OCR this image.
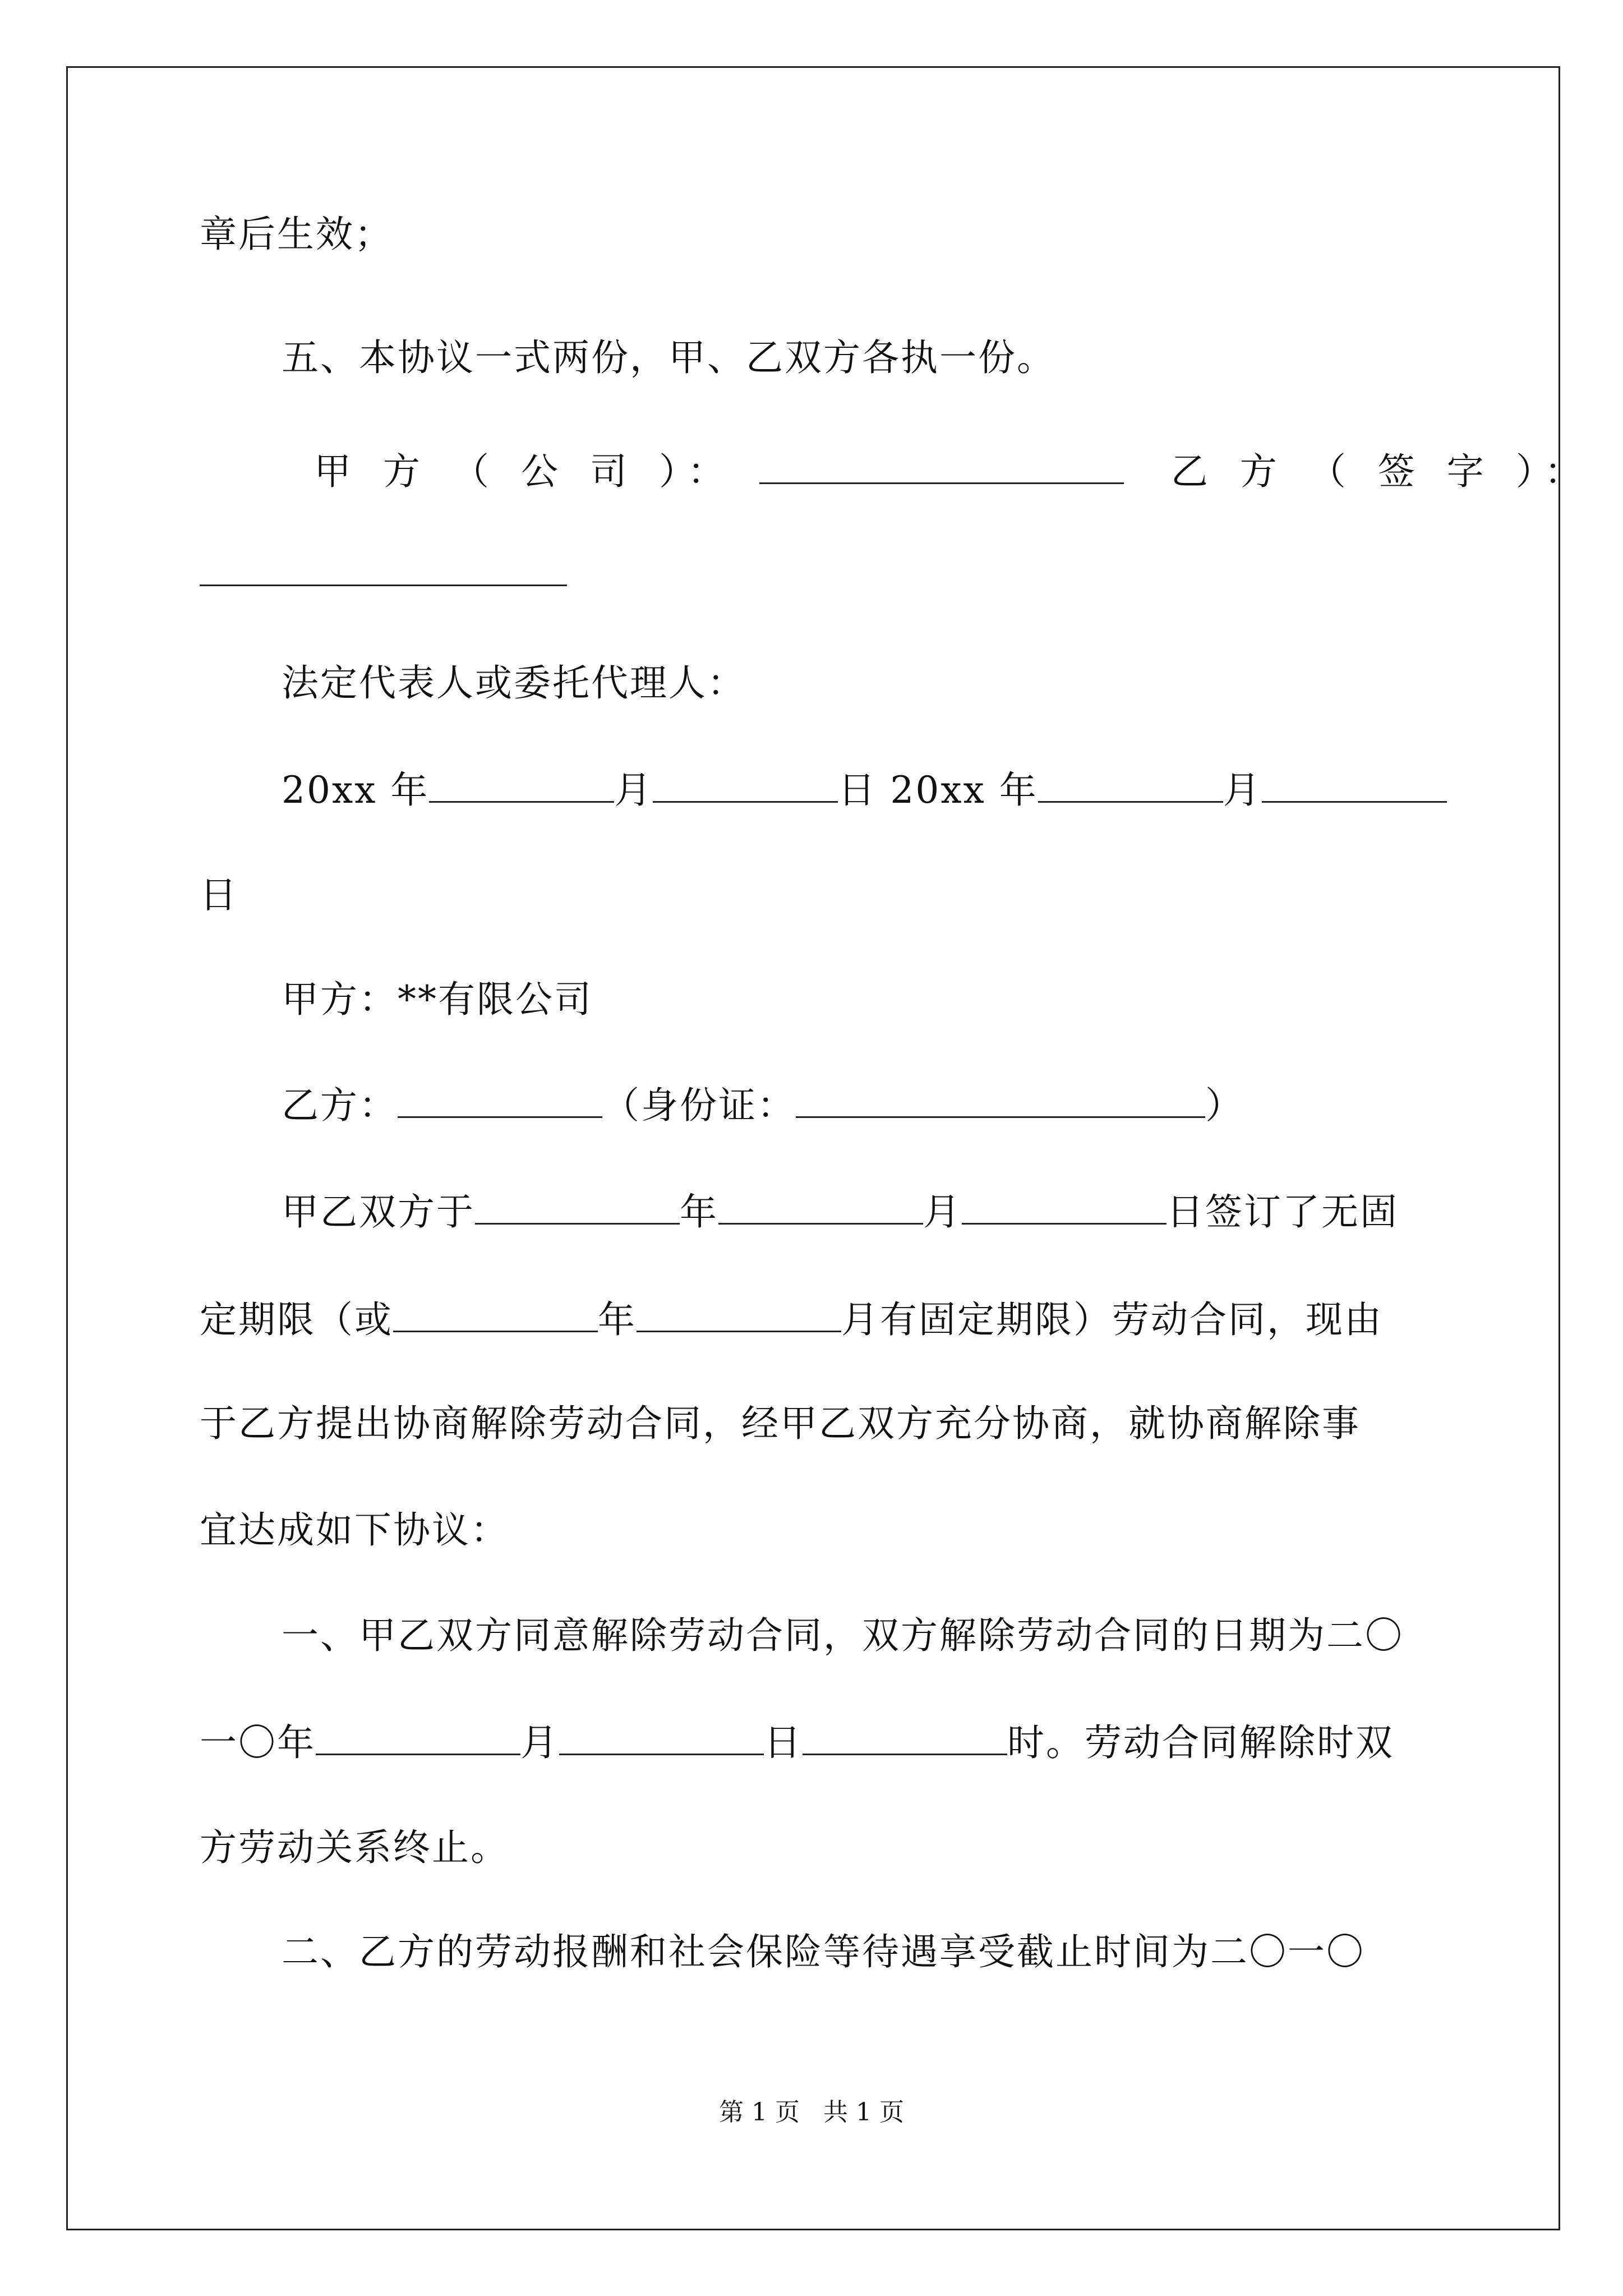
章后生效；
五、本协议一式两份，甲、乙双方各执一份。
甲 方 （ 公 司 ）：	乙 方 （ 签 字 ）：
法定代表人或委托代理人：
20xx 年	月	日 20xx 年	月
日
甲方：**有限公司
乙方：	（身份证：	）
甲乙双方于	年	月	日签订了无固
定期限（或	年	月有固定期限）劳动合同，现由
于乙方提出协商解除劳动合同，经甲乙双方充分协商，就协商解除事
宜达成如下协议：
一、甲乙双方同意解除劳动合同，双方解除劳动合同的日期为二〇
一〇年	月	日	时。劳动合同解除时双
方劳动关系终止。
二、乙方的劳动报酬和社会保险等待遇享受截止时间为二〇一〇
第 1 页 共 1 页
